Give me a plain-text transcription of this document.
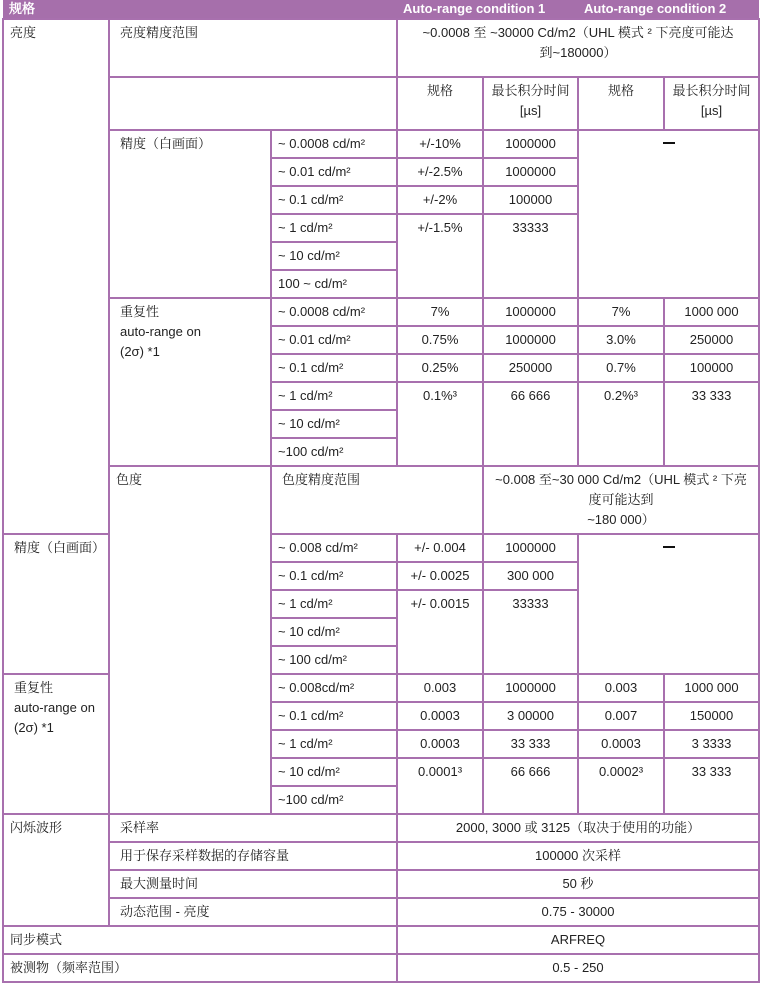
规格			Auto-range condition 1		Auto-range condition 2	
亮度	亮度精度范围		~0.0008 至 ~30000 Cd/m2（UHL 模式 ² 下亮度可能达
到~180000）			

			规格	最长积分时间 [µs]	规格	最长积分时间 [µs]
	精度（白画面）	~ 0.0008 cd/m²	+/-10%	1000000		
		~ 0.01 cd/m²	+/-2.5%	1000000		
		~ 0.1 cd/m²	+/-2%	100000		
		~ 1 cd/m²	+/-1.5%	33333		
		~ 10 cd/m²				
		100 ~ cd/m²				

	重复性
auto-range on
(2σ) *1	~ 0.0008 cd/m²	7%	1000000	7%	1000 000
		~ 0.01 cd/m²	0.75%	1000000	3.0%	250000
		~ 0.1 cd/m²	0.25%	250000	0.7%	100000
		~ 1 cd/m²	0.1%³	66 666	0.2%³	33 333
		~ 10 cd/m²				
		~100 cd/m²				
	色度	色度精度范围		~0.008 至~30 000 Cd/m2（UHL 模式 ² 下亮度可能达到
~180 000）		

精度（白画面）		~ 0.008 cd/m²	+/- 0.004	1000000		
		~ 0.1 cd/m²	+/- 0.0025	300 000		
		~ 1 cd/m²	+/- 0.0015	33333		
		~ 10 cd/m²				
		~ 100 cd/m²				

重复性
auto-range on
(2σ) *1		~ 0.008cd/m²	0.003	1000000	0.003	1000 000
		~ 0.1 cd/m²	0.0003	3 00000	0.007	150000
		~ 1 cd/m²	0.0003	33 333	0.0003	3 3333
		~ 10 cd/m²	0.0001³	66 666	0.0002³	33 333
		~100 cd/m²				
闪烁波形	采样率		2000, 3000 或 3125（取决于使用的功能）			
	用于保存采样数据的存储容量		100000 次采样			
	最大测量时间		50 秒			
	动态范围 - 亮度		0.75 - 30000			
同步模式			ARFREQ			
被测物（频率范围）			0.5 - 250			
